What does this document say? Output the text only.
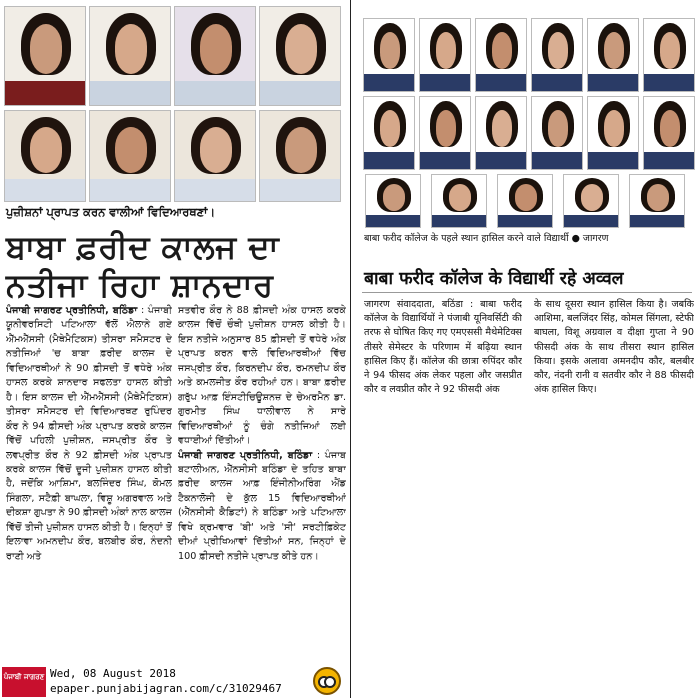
ਪੁਜ਼ੀਸ਼ਨਾਂ ਪ੍ਰਾਪਤ ਕਰਨ ਵਾਲੀਆਂ ਵਿਦਿਆਰਥਣਾਂ।
ਬਾਬਾ ਫ਼ਰੀਦ ਕਾਲਜ ਦਾ
ਨਤੀਜਾ ਰਿਹਾ ਸ਼ਾਨਦਾਰ
ਪੰਜਾਬੀ ਜਾਗਰਣ ਪ੍ਰਤੀਨਿਧੀ, ਬਠਿੰਡਾ : ਪੰਜਾਬੀ ਯੂਨੀਵਰਸਿਟੀ ਪਟਿਆਲਾ ਵੱਲੋਂ ਐਲਾਨੇ ਗਏ ਐੱਮਐੱਸਸੀ (ਮੈਥੇਮੈਟਿਕਸ) ਤੀਸਰਾ ਸਮੈਸਟਰ ਦੇ ਨਤੀਜਿਆਂ 'ਚ ਬਾਬਾ ਫ਼ਰੀਦ ਕਾਲਜ ਦੇ ਵਿਦਿਆਰਥੀਆਂ ਨੇ 90 ਫ਼ੀਸਦੀ ਤੋਂ ਵਧੇਰੇ ਅੰਕ ਹਾਸਲ ਕਰਕੇ ਸ਼ਾਨਦਾਰ ਸਫਲਤਾ ਹਾਸਲ ਕੀਤੀ ਹੈ। ਇਸ ਕਾਲਜ ਦੀ ਐੱਮਐੱਸਸੀ (ਮੈਥੇਮੈਟਿਕਸ) ਤੀਸਰਾ ਸਮੈਸਟਰ ਦੀ ਵਿਦਿਆਰਥਣ ਰੁਪਿੰਦਰ ਕੌਰ ਨੇ 94 ਫ਼ੀਸਦੀ ਅੰਕ ਪ੍ਰਾਪਤ ਕਰਕੇ ਕਾਲਜ ਵਿੱਚੋਂ ਪਹਿਲੀ ਪੁਜ਼ੀਸ਼ਨ, ਜਸਪ੍ਰੀਤ ਕੌਰ ਤੇ ਲਵਪ੍ਰੀਤ ਕੌਰ ਨੇ 92 ਫ਼ੀਸਦੀ ਅੰਕ ਪ੍ਰਾਪਤ ਕਰਕੇ ਕਾਲਜ ਵਿੱਚੋਂ ਦੂਜੀ ਪੁਜ਼ੀਸ਼ਨ ਹਾਸਲ ਕੀਤੀ ਹੈ, ਜਦੋਂਕਿ ਆਸ਼ਿਮਾ, ਬਲਜਿੰਦਰ ਸਿੰਘ, ਕੋਮਲ ਸਿੰਗਲਾ, ਸਟੈਫ਼ੀ ਬਾਘਲਾ, ਵਿਸ਼ੂ ਅਗਰਵਾਲ ਅਤੇ ਦੀਕਸ਼ਾ ਗੁਪਤਾ ਨੇ 90 ਫ਼ੀਸਦੀ ਅੰਕਾਂ ਨਾਲ ਕਾਲਜ ਵਿੱਚੋਂ ਤੀਜੀ ਪੁਜ਼ੀਸ਼ਨ ਹਾਸਲ ਕੀਤੀ ਹੈ। ਇਨ੍ਹਾਂ ਤੋਂ ਇਲਾਵਾ ਅਮਨਦੀਪ ਕੌਰ, ਬਲਬੀਰ ਕੌਰ, ਨੰਦਨੀ ਰਾਣੀ ਅਤੇ
ਸਤਵੀਰ ਕੌਰ ਨੇ 88 ਫ਼ੀਸਦੀ ਅੰਕ ਹਾਸਲ ਕਰਕੇ ਕਾਲਜ ਵਿੱਚੋਂ ਚੌਥੀ ਪੁਜ਼ੀਸ਼ਨ ਹਾਸਲ ਕੀਤੀ ਹੈ। ਇਸ ਨਤੀਜੇ ਅਨੁਸਾਰ 85 ਫ਼ੀਸਦੀ ਤੋਂ ਵਧੇਰੇ ਅੰਕ ਪ੍ਰਾਪਤ ਕਰਨ ਵਾਲੇ ਵਿਦਿਆਰਥੀਆਂ ਵਿੱਚ ਜਸਪ੍ਰੀਤ ਕੌਰ, ਕਿਰਨਦੀਪ ਕੌਰ, ਰਮਨਦੀਪ ਕੌਰ ਅਤੇ ਕਮਲਜੀਤ ਕੌਰ ਰਹੀਆਂ ਹਨ। ਬਾਬਾ ਫ਼ਰੀਦ ਗਰੁੱਪ ਆਫ਼ ਇੰਸਟੀਚਿਊਸ਼ਨਜ਼ ਦੇ ਚੇਅਰਮੈਨ ਡਾ. ਗੁਰਮੀਤ ਸਿੰਘ ਧਾਲੀਵਾਲ ਨੇ ਸਾਰੇ ਵਿਦਿਆਰਥੀਆਂ ਨੂੰ ਚੰਗੇ ਨਤੀਜਿਆਂ ਲਈ ਵਧਾਈਆਂ ਦਿੱਤੀਆਂ।
ਪੰਜਾਬੀ ਜਾਗਰਣ ਪ੍ਰਤੀਨਿਧੀ, ਬਠਿੰਡਾ : ਪੰਜਾਬ ਬਟਾਲੀਅਨ, ਐੱਨਸੀਸੀ ਬਠਿੰਡਾ ਦੇ ਤਹਿਤ ਬਾਬਾ ਫ਼ਰੀਦ ਕਾਲਜ ਆਫ਼ ਇੰਜੀਨੀਅਰਿੰਗ ਐਂਡ ਟੈਕਨਾਲੋਜੀ ਦੇ ਕੁੱਲ 15 ਵਿਦਿਆਰਥੀਆਂ (ਐੱਨਸੀਸੀ ਕੈਡਿਟਾਂ) ਨੇ ਬਠਿੰਡਾ ਅਤੇ ਪਟਿਆਲਾ ਵਿਖੇ ਕ੍ਰਮਵਾਰ 'ਬੀ' ਅਤੇ 'ਸੀ' ਸਰਟੀਫ਼ਿਕੇਟ ਦੀਆਂ ਪ੍ਰੀਖਿਆਵਾਂ ਦਿੱਤੀਆਂ ਸਨ, ਜਿਨ੍ਹਾਂ ਦੇ 100 ਫ਼ੀਸਦੀ ਨਤੀਜੇ ਪ੍ਰਾਪਤ ਕੀਤੇ ਹਨ।
ਪੰਜਾਬੀ ਜਾਗਰਣ Wed, 08 August 2018
epaper.punjabijagran.com/c/31029467
बाबा फरीद कॉलेज के पहले स्थान हासिल करने वाले विद्यार्थी ● जागरण
बाबा फरीद कॉलेज के विद्यार्थी रहे अव्वल
जागरण संवाददाता, बठिंडा : बाबा फरीद कॉलेज के विद्यार्थियों ने पंजाबी यूनिवर्सिटी की तरफ से घोषित किए गए एमएससी मैथेमेटिक्स तीसरे सेमेस्टर के परिणाम में बढ़िया स्थान हासिल किए हैं। कॉलेज की छात्रा रुपिंदर कौर ने 94 फीसद अंक लेकर पहला और जसप्रीत कौर व लवप्रीत कौर ने 92 फीसदी अंक
के साथ दूसरा स्थान हासिल किया है। जबकि आशिमा, बलजिंदर सिंह, कोमल सिंगला, स्टेफी बाघला, विशू अग्रवाल व दीक्षा गुप्ता ने 90 फीसदी अंक के साथ तीसरा स्थान हासिल किया। इसके अलावा अमनदीप कौर, बलबीर कौर, नंदनी रानी व सतवीर कौर ने 88 फीसदी अंक हासिल किए।
